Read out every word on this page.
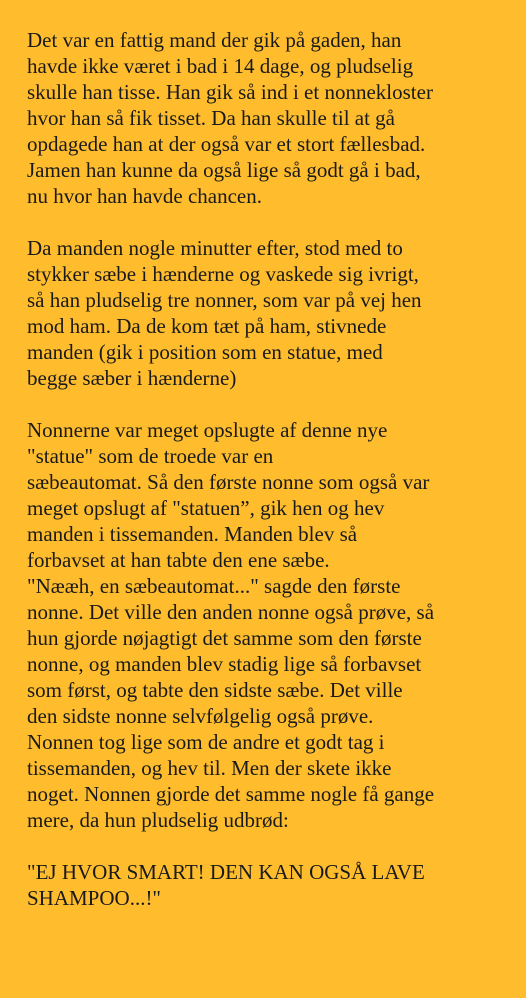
Det var en fattig mand der gik på gaden, han
havde ikke været i bad i 14 dage, og pludselig
skulle han tisse. Han gik så ind i et nonnekloster
hvor han så fik tisset. Da han skulle til at gå
opdagede han at der også var et stort fællesbad.
Jamen han kunne da også lige så godt gå i bad,
nu hvor han havde chancen.

Da manden nogle minutter efter, stod med to
stykker sæbe i hænderne og vaskede sig ivrigt,
så han pludselig tre nonner, som var på vej hen
mod ham. Da de kom tæt på ham, stivnede
manden (gik i position som en statue, med
begge sæber i hænderne)

Nonnerne var meget opslugte af denne nye
"statue" som de troede var en
sæbeautomat. Så den første nonne som også var
meget opslugt af "statuen”, gik hen og hev
manden i tissemanden. Manden blev så
forbavset at han tabte den ene sæbe.
"Nææh, en sæbeautomat..." sagde den første
nonne. Det ville den anden nonne også prøve, så
hun gjorde nøjagtigt det samme som den første
nonne, og manden blev stadig lige så forbavset
som først, og tabte den sidste sæbe. Det ville
den sidste nonne selvfølgelig også prøve.
Nonnen tog lige som de andre et godt tag i
tissemanden, og hev til. Men der skete ikke
noget. Nonnen gjorde det samme nogle få gange
mere, da hun pludselig udbrød:

"EJ HVOR SMART! DEN KAN OGSÅ LAVE
SHAMPOO...!"
